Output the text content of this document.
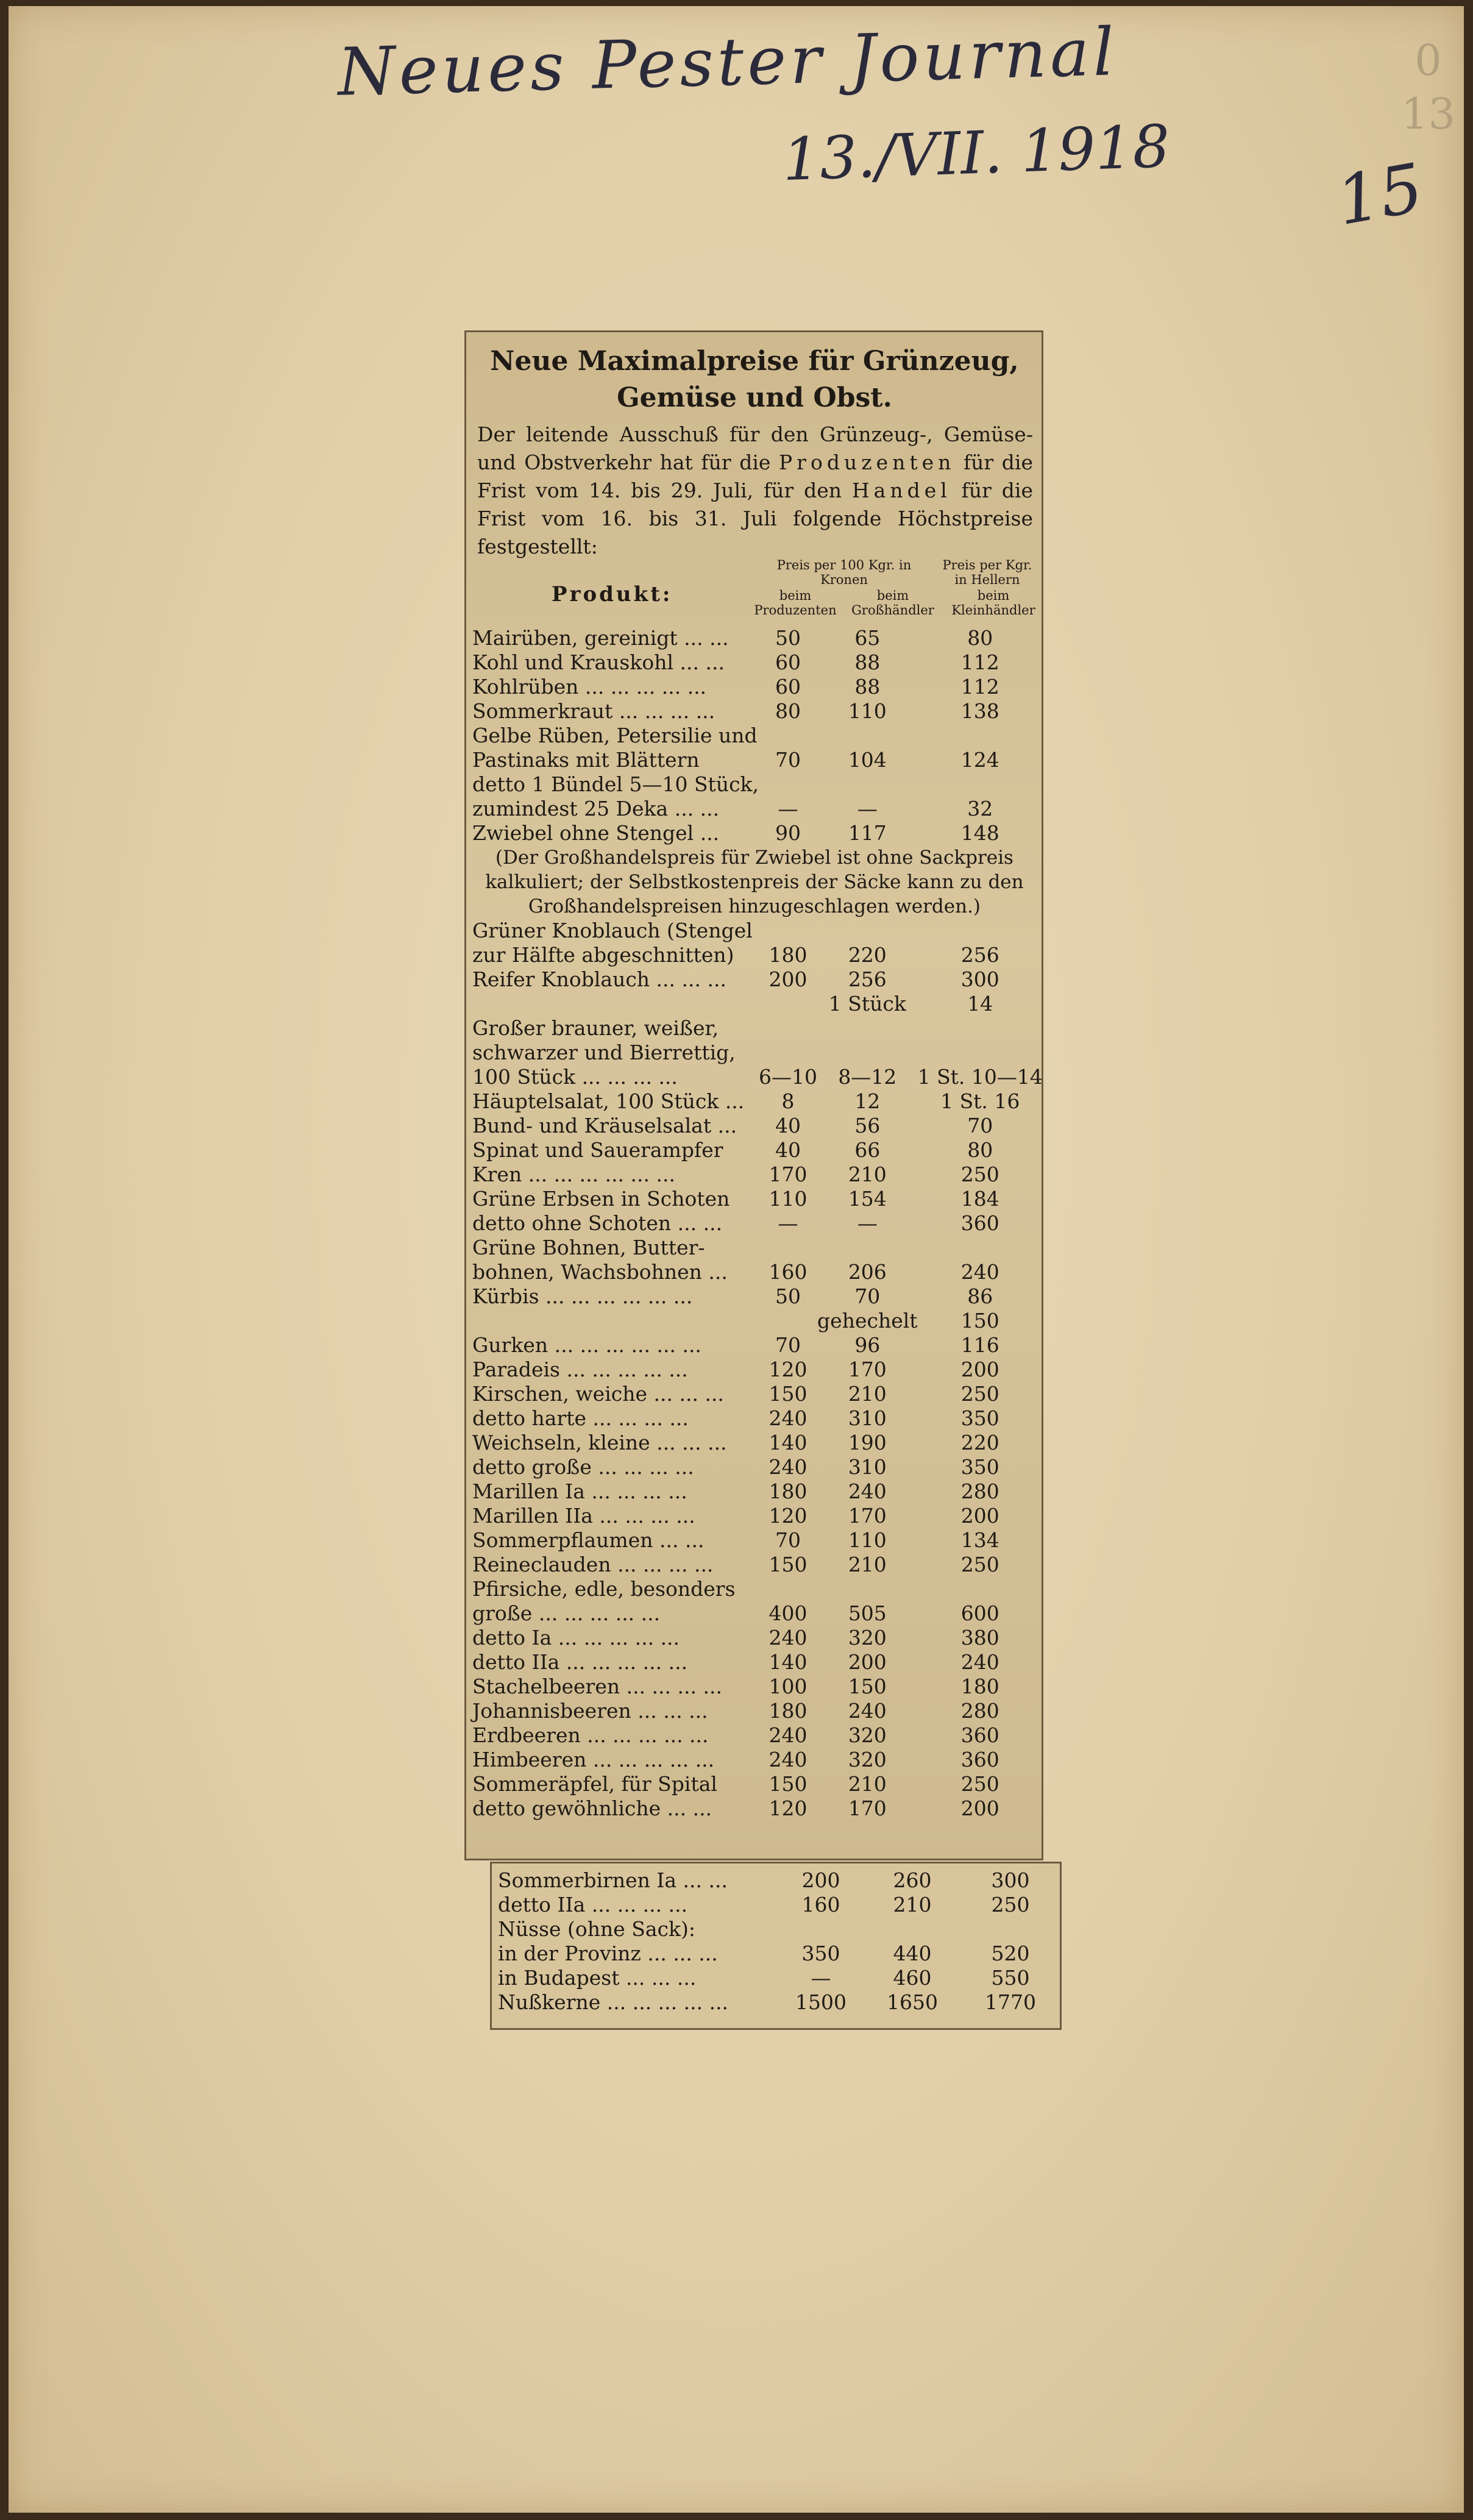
Neues Pester Journal
13./VII. 1918 15
0
13
Neue Maximalpreise für Grünzeug, Gemüse und Obst.
Der leitende Ausschuß für den Grünzeug-, Gemüse- und Obstverkehr hat für die Produzenten für die Frist vom 14. bis 29. Juli, für den Handel für die Frist vom 16. bis 31. Juli folgende Höchstpreise festgestellt:
Produkt:
Preis per 100 Kgr. in Kronen
Preis per Kgr. in Hellern
beim Produzenten
beim Großhändler
beim Kleinhändler
Mairüben, gereinigt ... ...	50	65	80
Kohl und Krauskohl ... ...	60	88	112
Kohlrüben ... ... ... ... ...	60	88	112
Sommerkraut ... ... ... ...	80	110	138
Gelbe Rüben, Petersilie und			
Pastinaks mit Blättern	70	104	124
detto 1 Bündel 5—10 Stück,			
zumindest 25 Deka ... ...	—	—	32
Zwiebel ohne Stengel ...	90	117	148
(Der Großhandelspreis für Zwiebel ist ohne Sackpreis kalkuliert; der Selbstkostenpreis der Säcke kann zu den Großhandelspreisen hinzugeschlagen werden.)			
Grüner Knoblauch (Stengel			
zur Hälfte abgeschnitten)	180	220	256
Reifer Knoblauch ... ... ...	200	256	300
		1 Stück	14
Großer brauner, weißer,			
schwarzer und Bierrettig,			
100 Stück ... ... ... ...	6—10	8—12	1 St. 10—14
Häuptelsalat, 100 Stück ...	8	12	1 St. 16
Bund- und Kräuselsalat ...	40	56	70
Spinat und Sauerampfer	40	66	80
Kren ... ... ... ... ... ...	170	210	250
Grüne Erbsen in Schoten	110	154	184
detto ohne Schoten ... ...	—	—	360
Grüne Bohnen, Butter-			
bohnen, Wachsbohnen ...	160	206	240
Kürbis ... ... ... ... ... ...	50	70	86
		gehechelt	150
Gurken ... ... ... ... ... ...	70	96	116
Paradeis ... ... ... ... ...	120	170	200
Kirschen, weiche ... ... ...	150	210	250
detto harte ... ... ... ...	240	310	350
Weichseln, kleine ... ... ...	140	190	220
detto große ... ... ... ...	240	310	350
Marillen Ia ... ... ... ...	180	240	280
Marillen IIa ... ... ... ...	120	170	200
Sommerpflaumen ... ...	70	110	134
Reineclauden ... ... ... ...	150	210	250
Pfirsiche, edle, besonders			
große ... ... ... ... ...	400	505	600
detto Ia ... ... ... ... ...	240	320	380
detto IIa ... ... ... ... ...	140	200	240
Stachelbeeren ... ... ... ...	100	150	180
Johannisbeeren ... ... ...	180	240	280
Erdbeeren ... ... ... ... ...	240	320	360
Himbeeren ... ... ... ... ...	240	320	360
Sommeräpfel, für Spital	150	210	250
detto gewöhnliche ... ...	120	170	200
Sommerbirnen Ia ... ...	200	260	300
detto IIa ... ... ... ...	160	210	250
Nüsse (ohne Sack):			
in der Provinz ... ... ...	350	440	520
in Budapest ... ... ...	—	460	550
Nußkerne ... ... ... ... ...	1500	1650	1770
